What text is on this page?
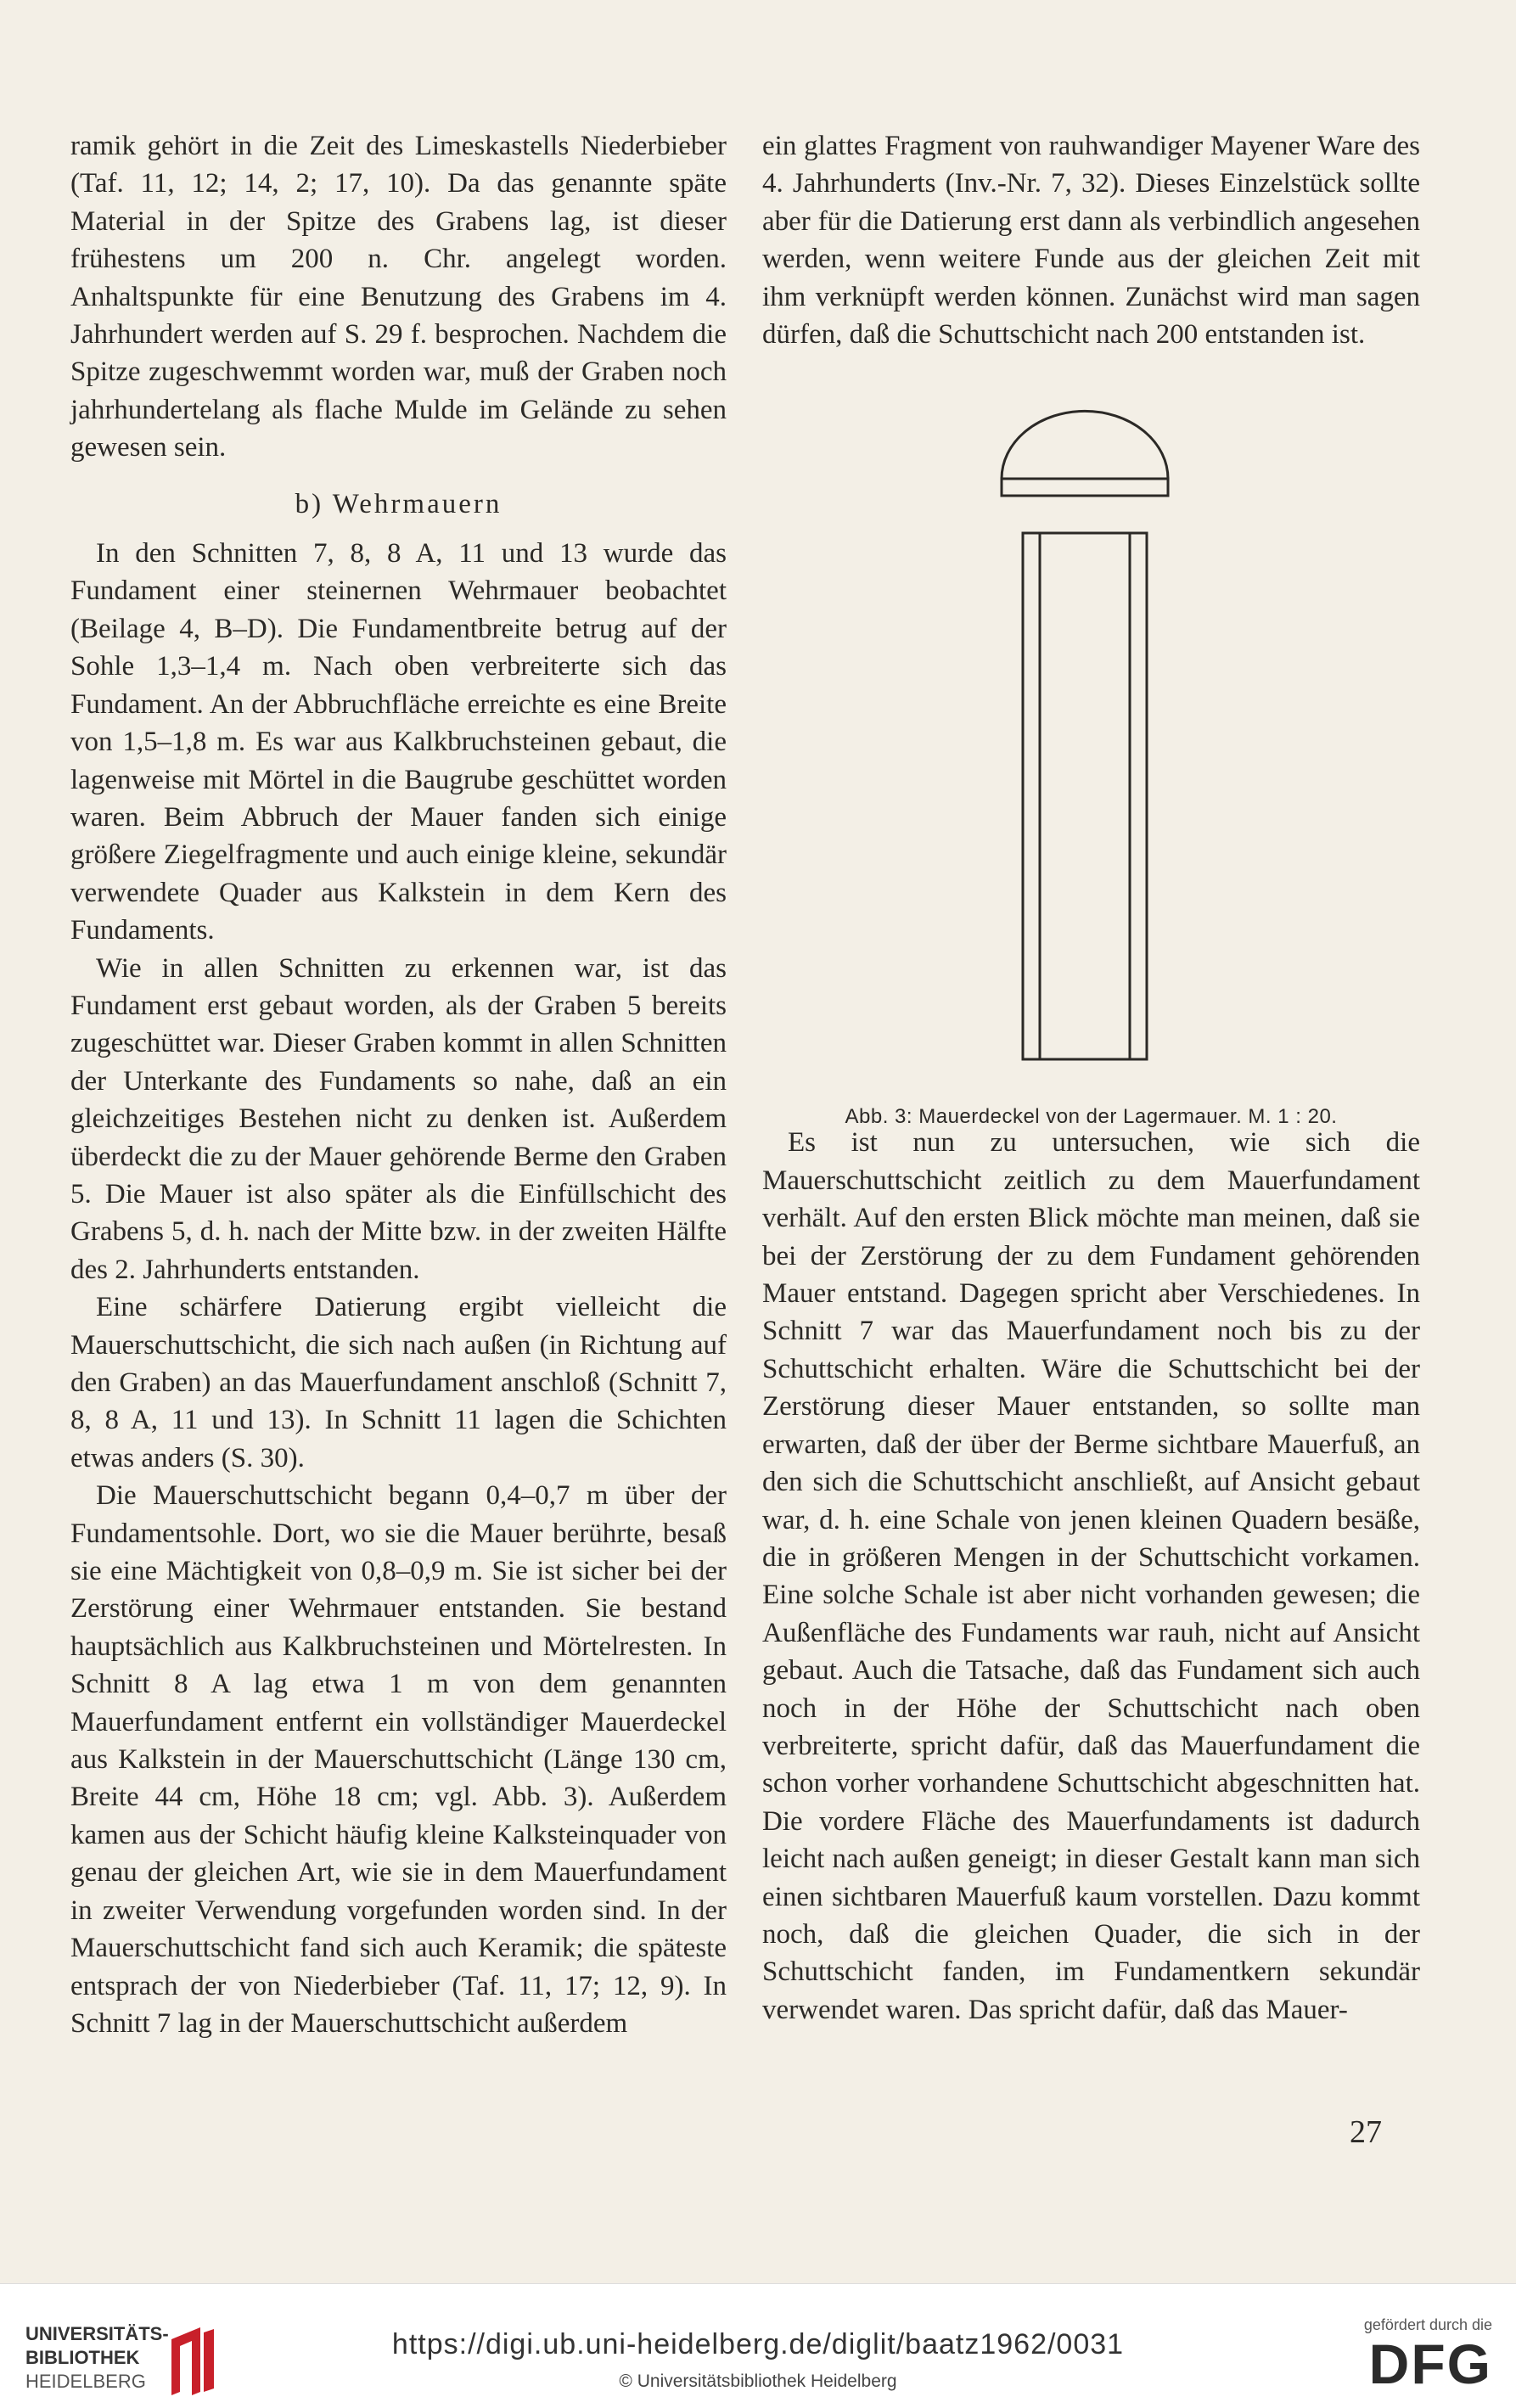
ramik gehört in die Zeit des Limeskastells Niederbieber (Taf. 11, 12; 14, 2; 17, 10). Da das genannte späte Material in der Spitze des Grabens lag, ist dieser frühestens um 200 n. Chr. angelegt worden. Anhaltspunkte für eine Benutzung des Grabens im 4. Jahrhundert werden auf S. 29 f. besprochen. Nachdem die Spitze zugeschwemmt worden war, muß der Graben noch jahrhundertelang als flache Mulde im Gelände zu sehen gewesen sein.

b) Wehrmauern

In den Schnitten 7, 8, 8 A, 11 und 13 wurde das Fundament einer steinernen Wehrmauer beobachtet (Beilage 4, B–D). Die Fundamentbreite betrug auf der Sohle 1,3–1,4 m. Nach oben verbreiterte sich das Fundament. An der Abbruchfläche erreichte es eine Breite von 1,5–1,8 m. Es war aus Kalkbruchsteinen gebaut, die lagenweise mit Mörtel in die Baugrube geschüttet worden waren. Beim Abbruch der Mauer fanden sich einige größere Ziegelfragmente und auch einige kleine, sekundär verwendete Quader aus Kalkstein in dem Kern des Fundaments.

Wie in allen Schnitten zu erkennen war, ist das Fundament erst gebaut worden, als der Graben 5 bereits zugeschüttet war. Dieser Graben kommt in allen Schnitten der Unterkante des Fundaments so nahe, daß an ein gleichzeitiges Bestehen nicht zu denken ist. Außerdem überdeckt die zu der Mauer gehörende Berme den Graben 5. Die Mauer ist also später als die Einfüllschicht des Grabens 5, d. h. nach der Mitte bzw. in der zweiten Hälfte des 2. Jahrhunderts entstanden.

Eine schärfere Datierung ergibt vielleicht die Mauerschuttschicht, die sich nach außen (in Richtung auf den Graben) an das Mauerfundament anschloß (Schnitt 7, 8, 8 A, 11 und 13). In Schnitt 11 lagen die Schichten etwas anders (S. 30).

Die Mauerschuttschicht begann 0,4–0,7 m über der Fundamentsohle. Dort, wo sie die Mauer berührte, besaß sie eine Mächtigkeit von 0,8–0,9 m. Sie ist sicher bei der Zerstörung einer Wehrmauer entstanden. Sie bestand hauptsächlich aus Kalkbruchsteinen und Mörtelresten. In Schnitt 8 A lag etwa 1 m von dem genannten Mauerfundament entfernt ein vollständiger Mauerdeckel aus Kalkstein in der Mauerschuttschicht (Länge 130 cm, Breite 44 cm, Höhe 18 cm; vgl. Abb. 3). Außerdem kamen aus der Schicht häufig kleine Kalksteinquader von genau der gleichen Art, wie sie in dem Mauerfundament in zweiter Verwendung vorgefunden worden sind. In der Mauerschuttschicht fand sich auch Keramik; die späteste entsprach der von Niederbieber (Taf. 11, 17; 12, 9). In Schnitt 7 lag in der Mauerschuttschicht außerdem

ein glattes Fragment von rauhwandiger Mayener Ware des 4. Jahrhunderts (Inv.-Nr. 7, 32). Dieses Einzelstück sollte aber für die Datierung erst dann als verbindlich angesehen werden, wenn weitere Funde aus der gleichen Zeit mit ihm verknüpft werden können. Zunächst wird man sagen dürfen, daß die Schuttschicht nach 200 entstanden ist.

Es ist nun zu untersuchen, wie sich die Mauerschuttschicht zeitlich zu dem Mauerfundament verhält. Auf den ersten Blick möchte man meinen, daß sie bei der Zerstörung der zu dem Fundament gehörenden Mauer entstand. Dagegen spricht aber Verschiedenes. In Schnitt 7 war das Mauerfundament noch bis zu der Schuttschicht erhalten. Wäre die Schuttschicht bei der Zerstörung dieser Mauer entstanden, so sollte man erwarten, daß der über der Berme sichtbare Mauerfuß, an den sich die Schuttschicht anschließt, auf Ansicht gebaut war, d. h. eine Schale von jenen kleinen Quadern besäße, die in größeren Mengen in der Schuttschicht vorkamen. Eine solche Schale ist aber nicht vorhanden gewesen; die Außenfläche des Fundaments war rauh, nicht auf Ansicht gebaut. Auch die Tatsache, daß das Fundament sich auch noch in der Höhe der Schuttschicht nach oben verbreiterte, spricht dafür, daß das Mauerfundament die schon vorher vorhandene Schuttschicht abgeschnitten hat. Die vordere Fläche des Mauerfundaments ist dadurch leicht nach außen geneigt; in dieser Gestalt kann man sich einen sichtbaren Mauerfuß kaum vorstellen. Dazu kommt noch, daß die gleichen Quader, die sich in der Schuttschicht fanden, im Fundamentkern sekundär verwendet waren. Das spricht dafür, daß das Mauer-

Abb. 3: Mauerdeckel von der Lagermauer. M. 1 : 20.
27
UNIVERSITÄTS-
BIBLIOTHEK
HEIDELBERG
https://digi.ub.uni-heidelberg.de/diglit/baatz1962/0031
© Universitätsbibliothek Heidelberg
gefördert durch die
DFG
